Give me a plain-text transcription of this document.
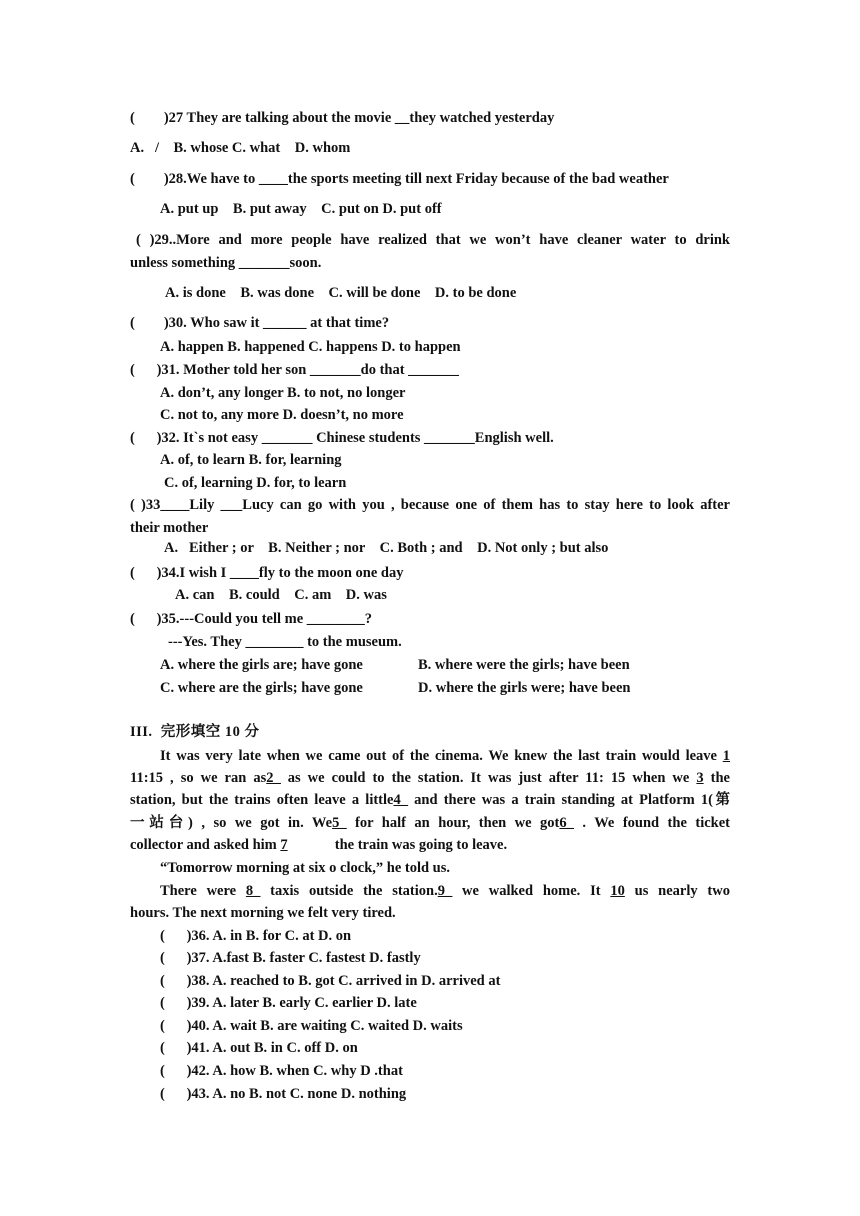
(        )27 They are talking about the movie __they watched yesterday
A.   /    B. whose C. what    D. whom
(        )28.We have to ____the sports meeting till next Friday because of the bad weather
A. put up    B. put away    C. put on D. put off
( )29..More and more people have realized that we won’t have cleaner water to drink
unless something _______soon.
A. is done    B. was done    C. will be done    D. to be done
(        )30. Who saw it ______ at that time?
A. happen B. happened C. happens D. to happen
(      )31. Mother told her son _______do that _______
A. don’t, any longer B. to not, no longer
C. not to, any more D. doesn’t, no more
(      )32. It`s not easy _______ Chinese students _______English well.
A. of, to learn B. for, learning
C. of, learning D. for, to learn
( )33____Lily ___Lucy can go with you , because one of them has to stay here to look after
their mother
A.   Either ; or    B. Neither ; nor    C. Both ; and    D. Not only ; but also
(      )34.I wish I ____fly to the moon one day
A. can    B. could    C. am    D. was
(      )35.---Could you tell me ________?
---Yes. They ________ to the museum.
A. where the girls are; have gone	B. where were the girls; have been
C. where are the girls; have gone	D. where the girls were; have been
III.  完形填空 10 分
It was very late when we came out of the cinema. We knew the last train would leave 1
11:15 , so we ran as2_ as we could to the station. It was just after 11: 15 when we 3 the
station, but the trains often leave a little4_ and there was a train standing at Platform 1(第
一站台) , so we got in. We5_ for half an hour, then we got6_ . We found the ticket
collector and asked him 7             the train was going to leave.
“Tomorrow morning at six o clock,” he told us.
There were 8_ taxis outside the station.9_ we walked home. It 10 us nearly two
hours. The next morning we felt very tired.
(      )36. A. in B. for C. at D. on
(      )37. A.fast B. faster C. fastest D. fastly
(      )38. A. reached to B. got C. arrived in D. arrived at
(      )39. A. later B. early C. earlier D. late
(      )40. A. wait B. are waiting C. waited D. waits
(      )41. A. out B. in C. off D. on
(      )42. A. how B. when C. why D .that
(      )43. A. no B. not C. none D. nothing
